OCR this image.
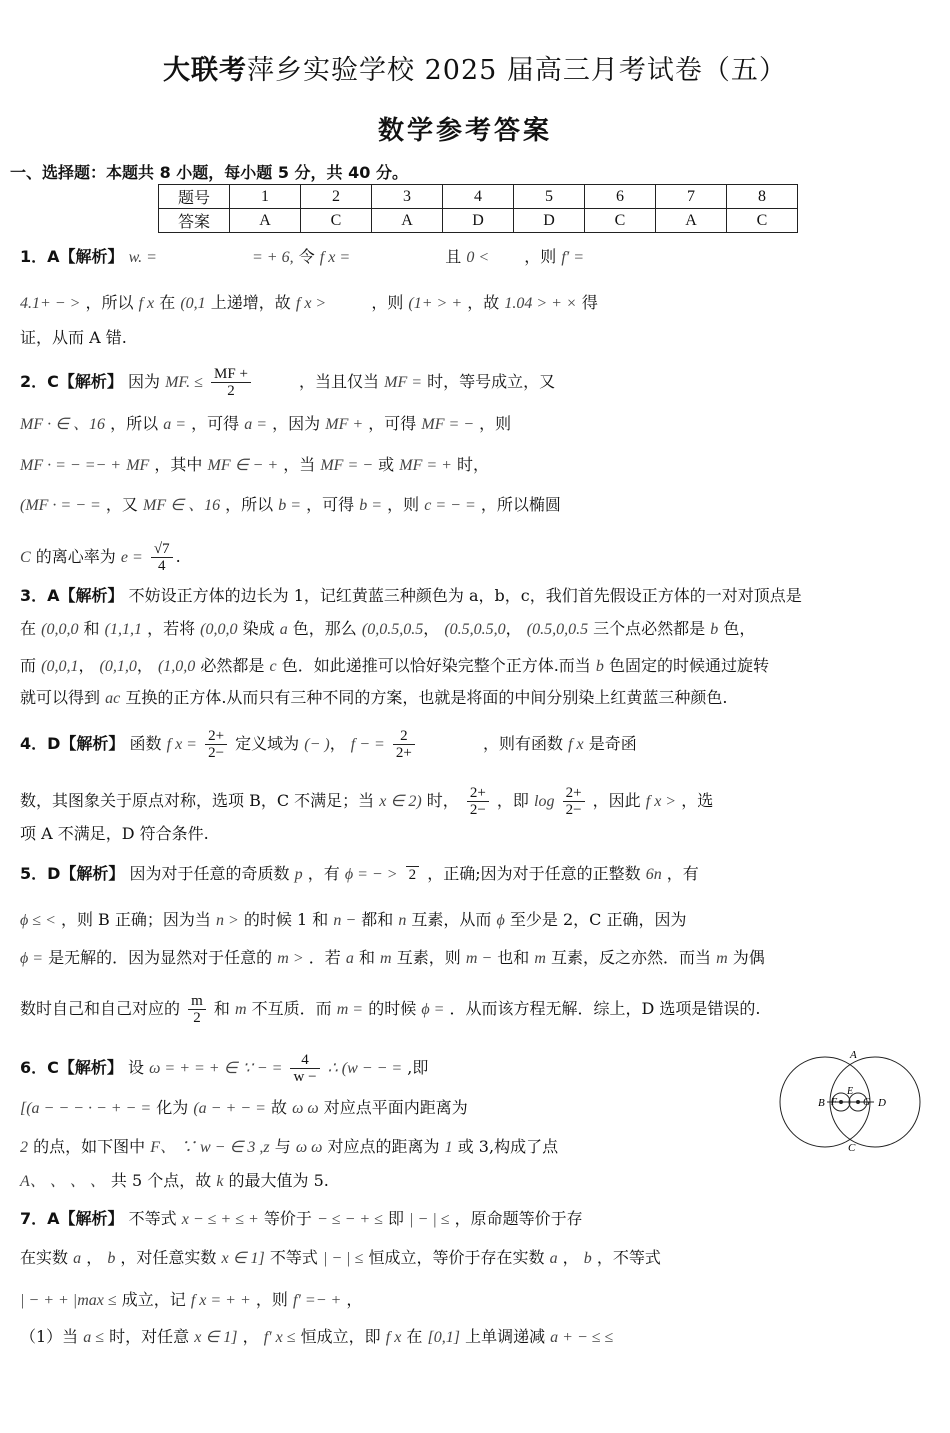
大联考萍乡实验学校 2025 届高三月考试卷（五）
数学参考答案
一、选择题：本题共 8 小题，每小题 5 分，共 40 分。
题号	1	2	3	4	5	6	7	8
答案	A	C	A	D	D	C	A	C
1．A【解析】 w. =	= + 6, 令 f x =	且 0 < ，则 f′ =
4.1+ − > ，所以 f x 在 (0,1 上递增，故 f x >	，则 (1+ > + ，故 1.04 > + × 得
证，从而 A 错.
2．C【解析】 因为 MF. ≤ $\frac{MF +}{2}$	，当且仅当 MF = 时，等号成立，又
MF · ∈ 、16 ，所以 a = ，可得 a = ，因为 MF + ，可得 MF = − ，则
MF · = − =− + MF ，其中 MF ∈ − + ，当 MF = − 或 MF = + 时，
(MF · = − = ，又 MF ∈ 、16 ，所以 b = ，可得 b = ，则 c = − = ，所以椭圆
C 的离心率为 $e = \frac{√7}{4}$ .
3．A【解析】 不妨设正方体的边长为 1，记红黄蓝三种颜色为 a，b，c，我们首先假设正方体的一对对顶点是
在 (0,0,0 和 (1,1,1 ，若将 (0,0,0 染成 a 色，那么 (0,0.5,0.5， (0.5,0.5,0， (0.5,0,0.5 三个点必然都是 b 色，
而 (0,0,1， (0,1,0， (1,0,0 必然都是 c 色．如此递推可以恰好染完整个正方体.而当 b 色固定的时候通过旋转
就可以得到 ac 互换的正方体.从而只有三种不同的方案，也就是将面的中间分别染上红黄蓝三种颜色.
4．D【解析】 函数 f $x = \frac{2+}{2-}$ 定义域为 (− )， f − = $\frac{2}{2+}$	，则有函数 f x 是奇函
数，其图象关于原点对称，选项 B，C 不满足；当 x ∈ 2) 时， $\frac{2+}{2-}$ ，即 $\log \frac{2+}{2-}$ ，因此 f x > ，选
项 A 不满足，D 符合条件.
5．D【解析】 因为对于任意的奇质数 p ，有 ϕ = − > 2 ，正确;因为对于任意的正整数 6n ，有
ϕ ≤ < ，则 B 正确；因为当 n > 的时候 1 和 n − 都和 n 互素，从而 ϕ 至少是 2，C 正确，因为
ϕ = 是无解的．因为显然对于任意的 m > ．若 a 和 m 互素，则 m − 也和 m 互素，反之亦然．而当 m 为偶
数时自己和自己对应的 $\frac{m}{2}$ 和 m 不互质．而 m = 的时候 ϕ = ．从而该方程无解．综上，D 选项是错误的.
6．C【解析】 设 ω = + = + ∈ ∵ − = $\frac{4}{w -}$ ∴ (w − − = ,即
[(a − − − · − + − = 化为 (a − + − = 故 ω ω 对应点平面内距离为
2 的点，如下图中 F、 ∵ w − ∈ 3 ,z 与 ω ω 对应点的距离为 1 或 3,构成了点
A、 、 、 、 共 5 个点，故 k 的最大值为 5.
A
B F
E
G D
C
7．A【解析】 不等式 x − ≤ + ≤ + 等价于 − ≤ − + ≤ 即 | − | ≤ ，原命题等价于存
在实数 a ， b ，对任意实数 x ∈ 1] 不等式 | − | ≤ 恒成立，等价于存在实数 a ， b ，不等式
| − + + |max ≤ 成立，记 f x = + + ，则 f′ =− + ，
（1）当 a ≤ 时，对任意 x ∈ 1] ， f′ x ≤ 恒成立，即 f x 在 [0,1] 上单调递减 a + − ≤ ≤
